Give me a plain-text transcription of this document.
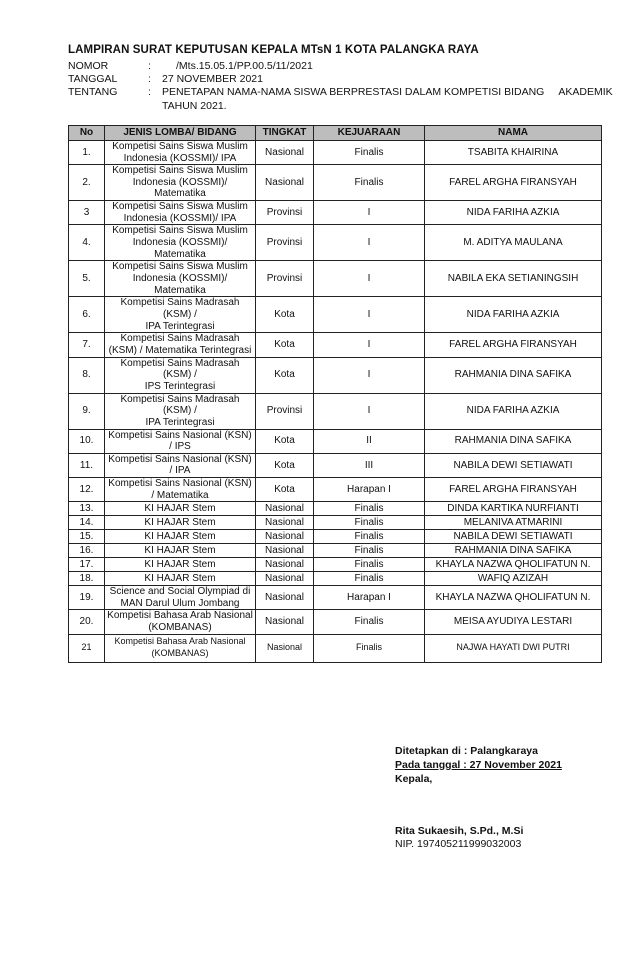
LAMPIRAN SURAT KEPUTUSAN KEPALA MTsN 1 KOTA PALANGKA RAYA
NOMOR	:	/Mts.15.05.1/PP.00.5/11/2021
TANGGAL	: 27 NOVEMBER 2021
TENTANG	: PENETAPAN NAMA-NAMA SISWA BERPRESTASI DALAM KOMPETISI BIDANG     AKADEMIK
TAHUN 2021.
No	JENIS LOMBA/ BIDANG	TINGKAT	KEJUARAAN	NAMA
1.	Kompetisi Sains Siswa Muslim
Indonesia (KOSSMI)/ IPA	Nasional	Finalis	TSABITA KHAIRINA
2.	Kompetisi Sains Siswa Muslim
Indonesia (KOSSMI)/
Matematika	Nasional	Finalis	FAREL ARGHA FIRANSYAH
3	Kompetisi Sains Siswa Muslim
Indonesia (KOSSMI)/ IPA	Provinsi	I	NIDA FARIHA AZKIA
4.	Kompetisi Sains Siswa Muslim
Indonesia (KOSSMI)/
Matematika	Provinsi	I	M. ADITYA MAULANA
5.	Kompetisi Sains Siswa Muslim
Indonesia (KOSSMI)/
Matematika	Provinsi	I	NABILA EKA SETIANINGSIH
6.	Kompetisi Sains Madrasah
(KSM) /
IPA Terintegrasi	Kota	I	NIDA FARIHA AZKIA
7.	Kompetisi Sains Madrasah
(KSM) / Matematika Terintegrasi	Kota	I	FAREL ARGHA FIRANSYAH
8.	Kompetisi Sains Madrasah
(KSM) /
IPS Terintegrasi	Kota	I	RAHMANIA DINA SAFIKA
9.	Kompetisi Sains Madrasah
(KSM) /
IPA Terintegrasi	Provinsi	I	NIDA FARIHA AZKIA
10.	Kompetisi Sains Nasional (KSN)
/ IPS	Kota	II	RAHMANIA DINA SAFIKA
11.	Kompetisi Sains Nasional (KSN)
/ IPA	Kota	III	NABILA DEWI SETIAWATI
12.	Kompetisi Sains Nasional (KSN)
/ Matematika	Kota	Harapan I	FAREL ARGHA FIRANSYAH
13.	KI HAJAR Stem	Nasional	Finalis	DINDA KARTIKA NURFIANTI
14.	KI HAJAR Stem	Nasional	Finalis	MELANIVA ATMARINI
15.	KI HAJAR Stem	Nasional	Finalis	NABILA DEWI SETIAWATI
16.	KI HAJAR Stem	Nasional	Finalis	RAHMANIA DINA SAFIKA
17.	KI HAJAR Stem	Nasional	Finalis	KHAYLA NAZWA QHOLIFATUN N.
18.	KI HAJAR Stem	Nasional	Finalis	WAFIQ AZIZAH
19.	Science and Social Olympiad di
MAN Darul Ulum Jombang	Nasional	Harapan I	KHAYLA NAZWA QHOLIFATUN N.
20.	Kompetisi Bahasa Arab Nasional
(KOMBANAS)	Nasional	Finalis	MEISA AYUDIYA LESTARI
21	Kompetisi Bahasa Arab Nasional
(KOMBANAS)	Nasional	Finalis	NAJWA HAYATI DWI PUTRI
Ditetapkan di : Palangkaraya
Pada tanggal : 27 November 2021
Kepala,
Rita Sukaesih, S.Pd., M.Si
NIP. 197405211999032003
